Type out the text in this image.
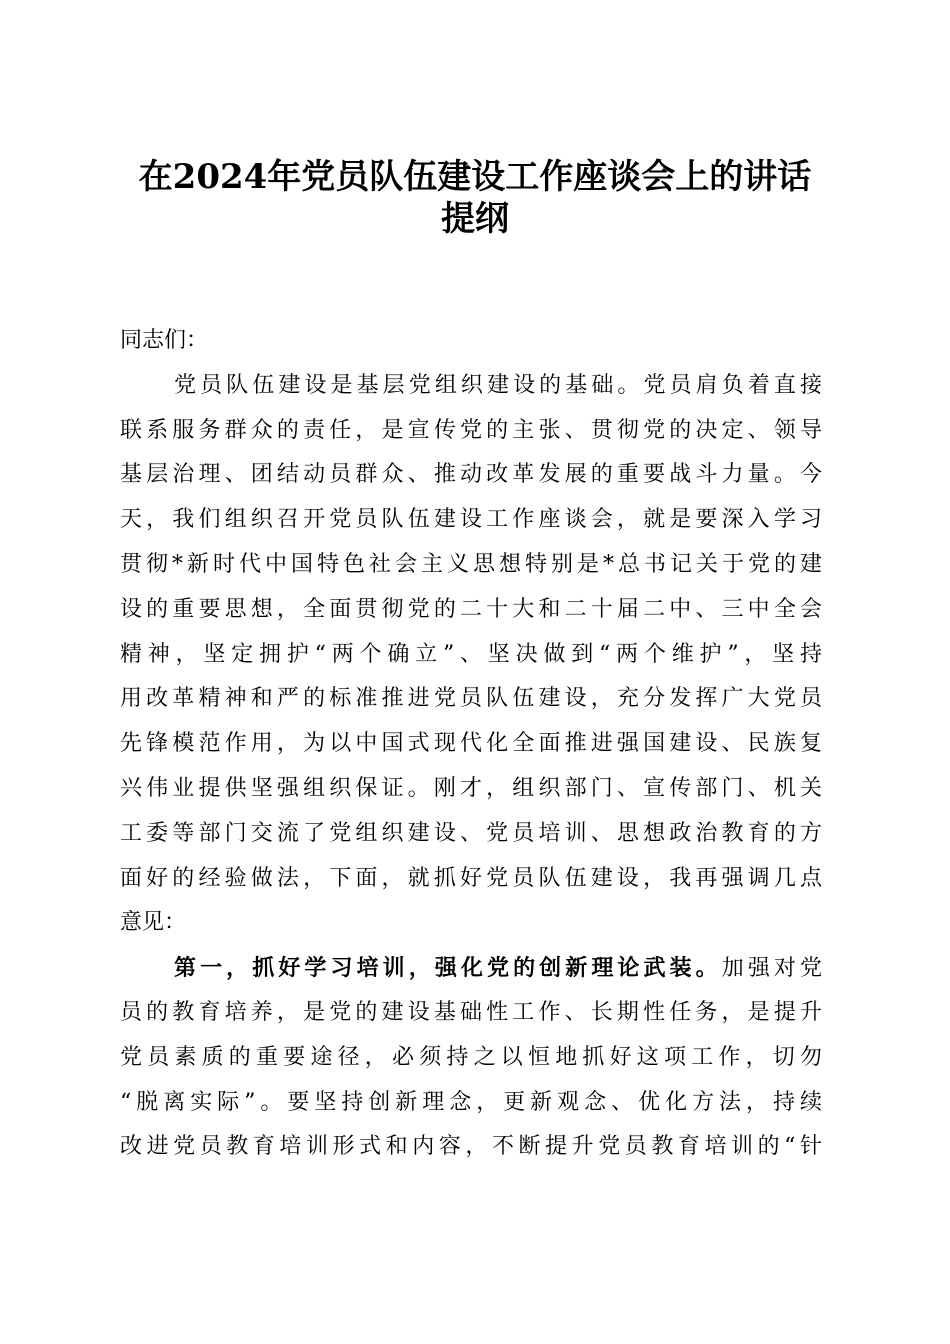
在2024年党员队伍建设工作座谈会上的讲话
提纲
同志们：
党员队伍建设是基层党组织建设的基础。党员肩负着直接
联系服务群众的责任，是宣传党的主张、贯彻党的决定、领导
基层治理、团结动员群众、推动改革发展的重要战斗力量。今
天，我们组织召开党员队伍建设工作座谈会，就是要深入学习
贯彻*新时代中国特色社会主义思想特别是*总书记关于党的建
设的重要思想，全面贯彻党的二十大和二十届二中、三中全会
精神，坚定拥护“两个确立”、坚决做到“两个维护”，坚持
用改革精神和严的标准推进党员队伍建设，充分发挥广大党员
先锋模范作用，为以中国式现代化全面推进强国建设、民族复
兴伟业提供坚强组织保证。刚才，组织部门、宣传部门、机关
工委等部门交流了党组织建设、党员培训、思想政治教育的方
面好的经验做法，下面，就抓好党员队伍建设，我再强调几点
意见：
第一，抓好学习培训，强化党的创新理论武装。加强对党
员的教育培养，是党的建设基础性工作、长期性任务，是提升
党员素质的重要途径，必须持之以恒地抓好这项工作，切勿
“脱离实际”。要坚持创新理念，更新观念、优化方法，持续
改进党员教育培训形式和内容，不断提升党员教育培训的“针
